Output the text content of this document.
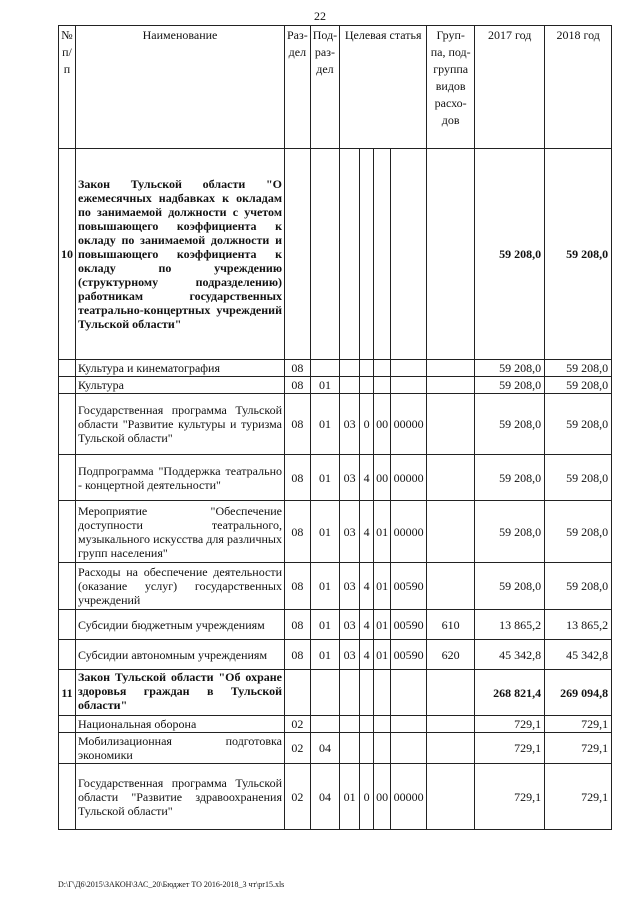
22
№ п/п	Наименование	Раз-дел	Под-раз-дел	Целевая статья				Груп-па, под-группа видов расхо-дов	2017 год	2018 год
10	Закон Тульской области "О ежемесячных надбавках к окладам по занимаемой должности с учетом повышающего коэффициента к окладу по занимаемой должности и повышающего коэффициента к окладу по учреждению (структурному подразделению) работникам государственных театрально-концертных учреждений Тульской области"								59 208,0	59 208,0
	Культура и кинематография	08							59 208,0	59 208,0
	Культура	08	01						59 208,0	59 208,0
	Государственная программа Тульской области "Развитие культуры и туризма Тульской области"	08	01	03	0	00	00000		59 208,0	59 208,0
	Подпрограмма "Поддержка театрально - концертной деятельности"	08	01	03	4	00	00000		59 208,0	59 208,0
	Мероприятие "Обеспечение доступности театрального, музыкального искусства для различных групп населения"	08	01	03	4	01	00000		59 208,0	59 208,0
	Расходы на обеспечение деятельности (оказание услуг) государственных учреждений	08	01	03	4	01	00590		59 208,0	59 208,0
	Субсидии бюджетным учреждениям	08	01	03	4	01	00590	610	13 865,2	13 865,2
	Субсидии автономным учреждениям	08	01	03	4	01	00590	620	45 342,8	45 342,8
11	Закон Тульской области "Об охране здоровья граждан в Тульской области"								268 821,4	269 094,8
	Национальная оборона	02							729,1	729,1
	Мобилизационная подготовка экономики	02	04						729,1	729,1
	Государственная программа Тульской области "Развитие здравоохранения Тульской области"	02	04	01	0	00	00000		729,1	729,1
D:\Г\Д6\2015\ЗАКОН\ЗАС_20\Бюджет ТО 2016-2018_3 чт\pr15.xls
